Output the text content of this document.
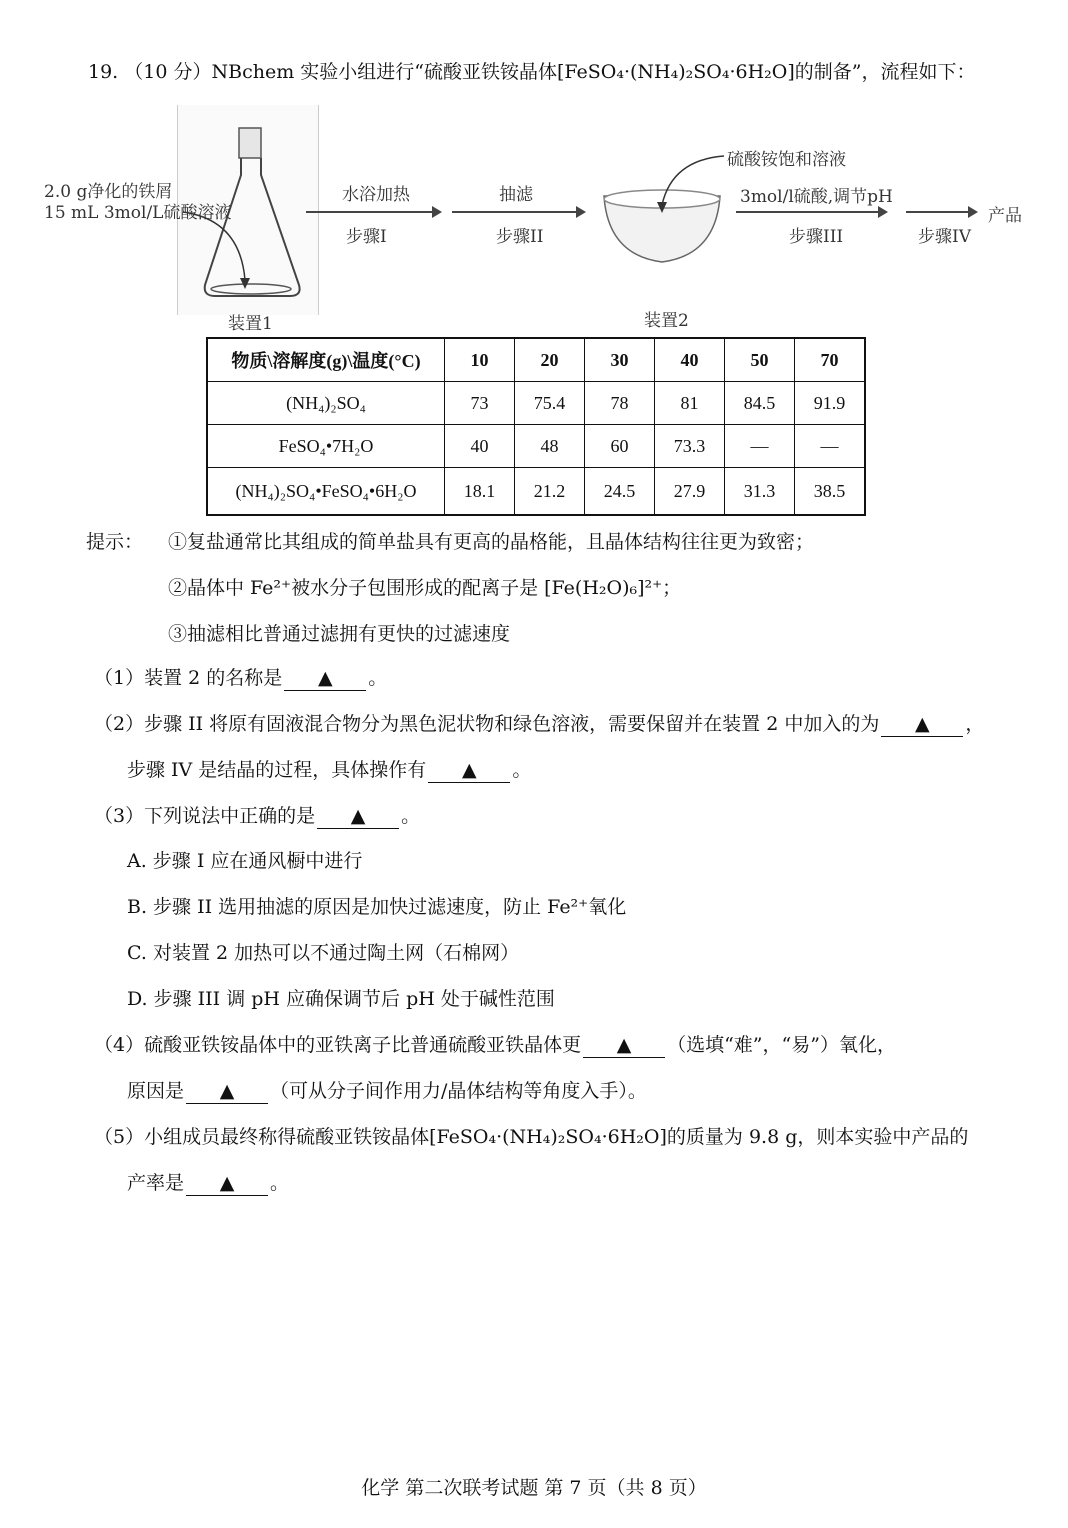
19. （10 分）NBchem 实验小组进行“硫酸亚铁铵晶体[FeSO₄·(NH₄)₂SO₄·6H₂O]的制备”，流程如下：
2.0 g净化的铁屑
15 mL 3mol/L硫酸溶液
装置1
水浴加热
步骤I
抽滤
步骤II
硫酸铵饱和溶液
装置2
3mol/l硫酸,调节pH
步骤III	步骤IV
产品
物质\溶解度(g)\温度(°C)	10	20	30	40	50	70
(NH₄)₂SO₄	73	75.4	78	81	84.5	91.9
FeSO₄•7H₂O	40	48	60	73.3	—	—
(NH₄)₂SO₄•FeSO₄•6H₂O	18.1	21.2	24.5	27.9	31.3	38.5
提示： ①复盐通常比其组成的简单盐具有更高的晶格能，且晶体结构往往更为致密；
②晶体中 Fe²⁺被水分子包围形成的配离子是 [Fe(H₂O)₆]²⁺；
③抽滤相比普通过滤拥有更快的过滤速度
（1）装置 2 的名称是 ▲ 。
（2）步骤 II 将原有固液混合物分为黑色泥状物和绿色溶液，需要保留并在装置 2 中加入的为 ▲ ，
步骤 IV 是结晶的过程，具体操作有 ▲ 。
（3）下列说法中正确的是 ▲ 。
A. 步骤 I 应在通风橱中进行
B. 步骤 II 选用抽滤的原因是加快过滤速度，防止 Fe²⁺氧化
C. 对装置 2 加热可以不通过陶土网（石棉网）
D. 步骤 III 调 pH 应确保调节后 pH 处于碱性范围
（4）硫酸亚铁铵晶体中的亚铁离子比普通硫酸亚铁晶体更 ▲ （选填“难”，“易”）氧化，
原因是 ▲ （可从分子间作用力/晶体结构等角度入手）。
（5）小组成员最终称得硫酸亚铁铵晶体[FeSO₄·(NH₄)₂SO₄·6H₂O]的质量为 9.8 g，则本实验中产品的
产率是 ▲ 。
化学 第二次联考试题 第 7 页（共 8 页）
